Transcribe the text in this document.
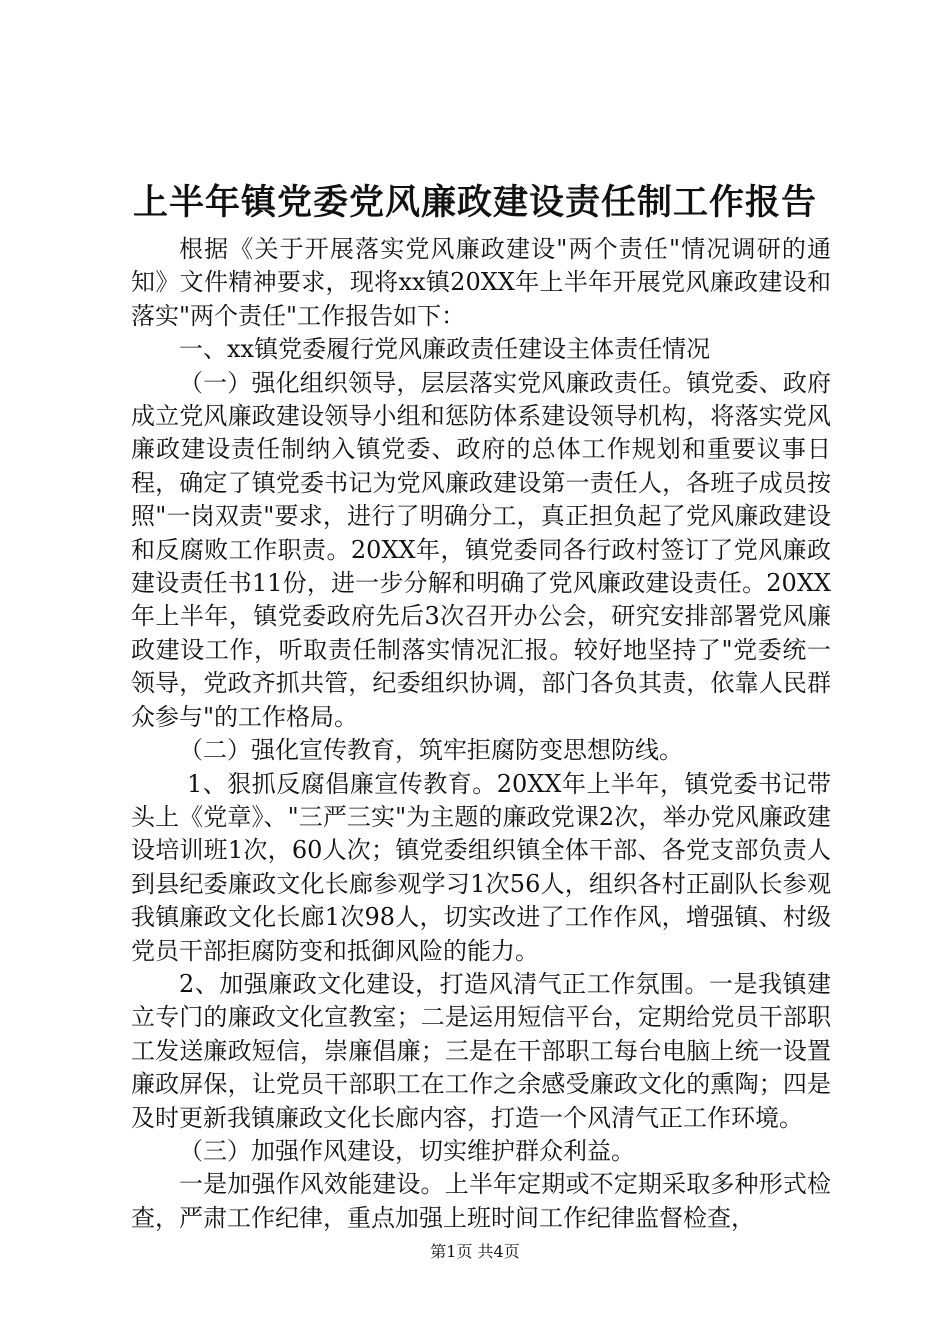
上半年镇党委党风廉政建设责任制工作报告

根据《关于开展落实党风廉政建设"两个责任"情况调研的通知》文件精神要求，现将xx镇20XX年上半年开展党风廉政建设和落实"两个责任"工作报告如下：

一、xx镇党委履行党风廉政责任建设主体责任情况

（一）强化组织领导，层层落实党风廉政责任。镇党委、政府成立党风廉政建设领导小组和惩防体系建设领导机构，将落实党风廉政建设责任制纳入镇党委、政府的总体工作规划和重要议事日程，确定了镇党委书记为党风廉政建设第一责任人，各班子成员按照"一岗双责"要求，进行了明确分工，真正担负起了党风廉政建设和反腐败工作职责。20XX年，镇党委同各行政村签订了党风廉政建设责任书11份，进一步分解和明确了党风廉政建设责任。20XX年上半年，镇党委政府先后3次召开办公会，研究安排部署党风廉政建设工作，听取责任制落实情况汇报。较好地坚持了"党委统一领导，党政齐抓共管，纪委组织协调，部门各负其责，依靠人民群众参与"的工作格局。

（二）强化宣传教育，筑牢拒腐防变思想防线。

1、狠抓反腐倡廉宣传教育。20XX年上半年，镇党委书记带头上《党章》、"三严三实"为主题的廉政党课2次，举办党风廉政建设培训班1次，60人次；镇党委组织镇全体干部、各党支部负责人到县纪委廉政文化长廊参观学习1次56人，组织各村正副队长参观我镇廉政文化长廊1次98人，切实改进了工作作风，增强镇、村级党员干部拒腐防变和抵御风险的能力。

2、加强廉政文化建设，打造风清气正工作氛围。一是我镇建立专门的廉政文化宣教室；二是运用短信平台，定期给党员干部职工发送廉政短信，崇廉倡廉；三是在干部职工每台电脑上统一设置廉政屏保，让党员干部职工在工作之余感受廉政文化的熏陶；四是及时更新我镇廉政文化长廊内容，打造一个风清气正工作环境。

（三）加强作风建设，切实维护群众利益。

一是加强作风效能建设。上半年定期或不定期采取多种形式检查，严肃工作纪律，重点加强上班时间工作纪律监督检查，

第1页 共4页
